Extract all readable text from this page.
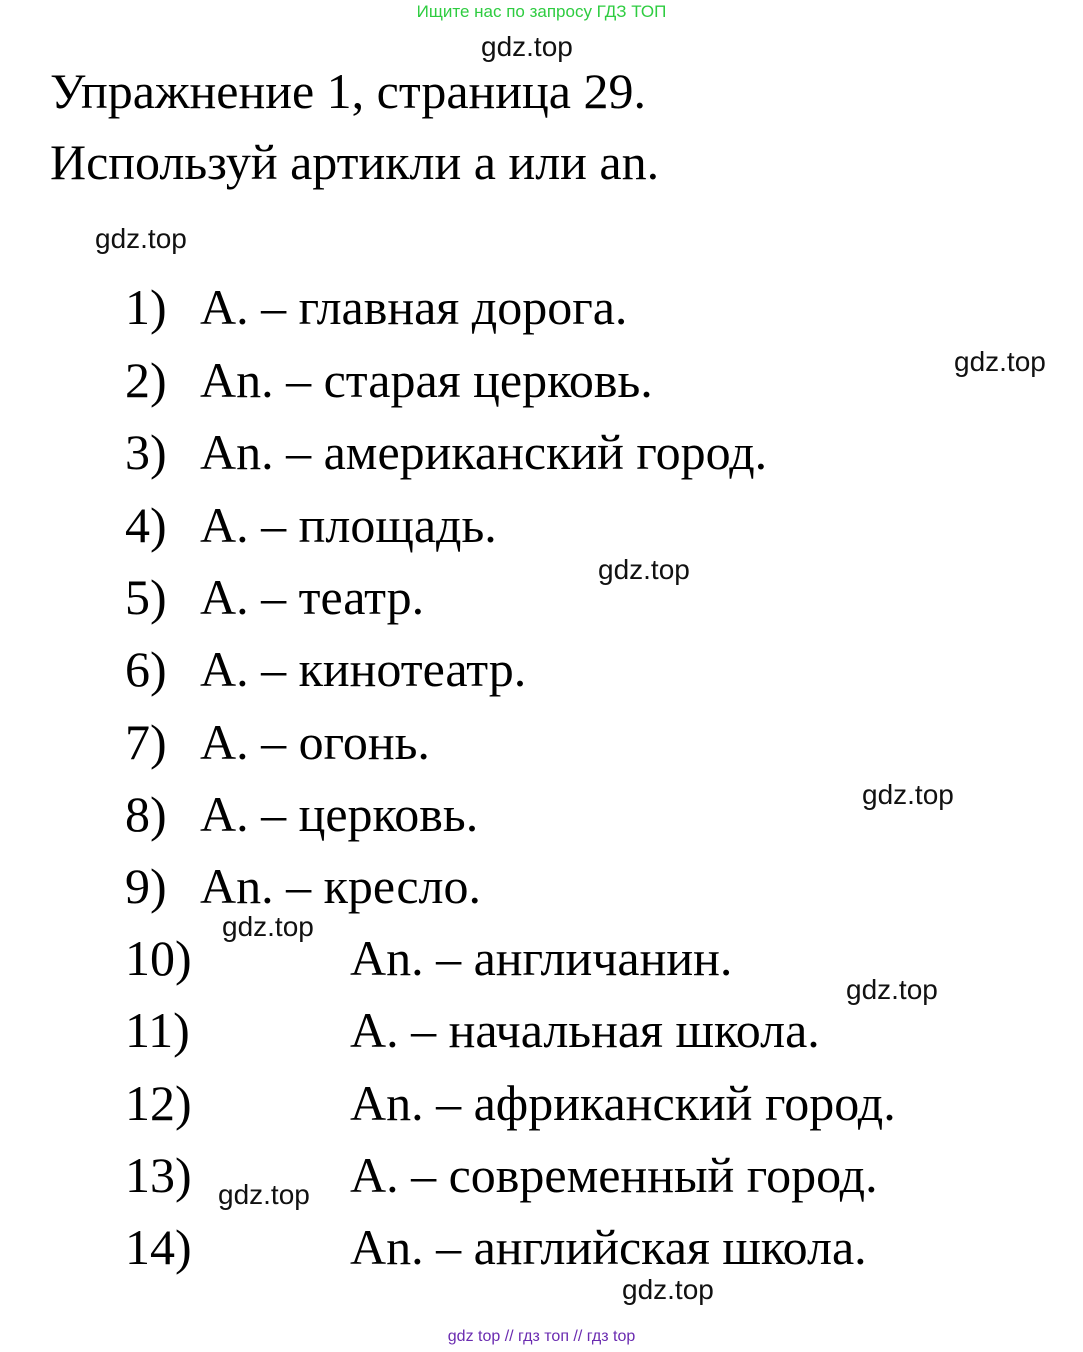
Ищите нас по запросу ГДЗ ТОП
gdz.top
Упражнение 1, страница 29.
Используй артикли a или an.
gdz.top
1) A. – главная дорога.
2) An. – старая церковь.	gdz.top
3) An. – американский город.
4) A. – площадь.
gdz.top
5) A. – театр.
6) A. – кинотеатр.
7) A. – огонь.
gdz.top
8) A. – церковь.
9) An. – кресло.
gdz.top
10)	An. – англичанин.
gdz.top
11)	A. – начальная школа.
12)	An. – африканский город.
13)	A. – современный город.
gdz.top
14)	An. – английская школа.
gdz.top
gdz top // гдз топ // гдз top
